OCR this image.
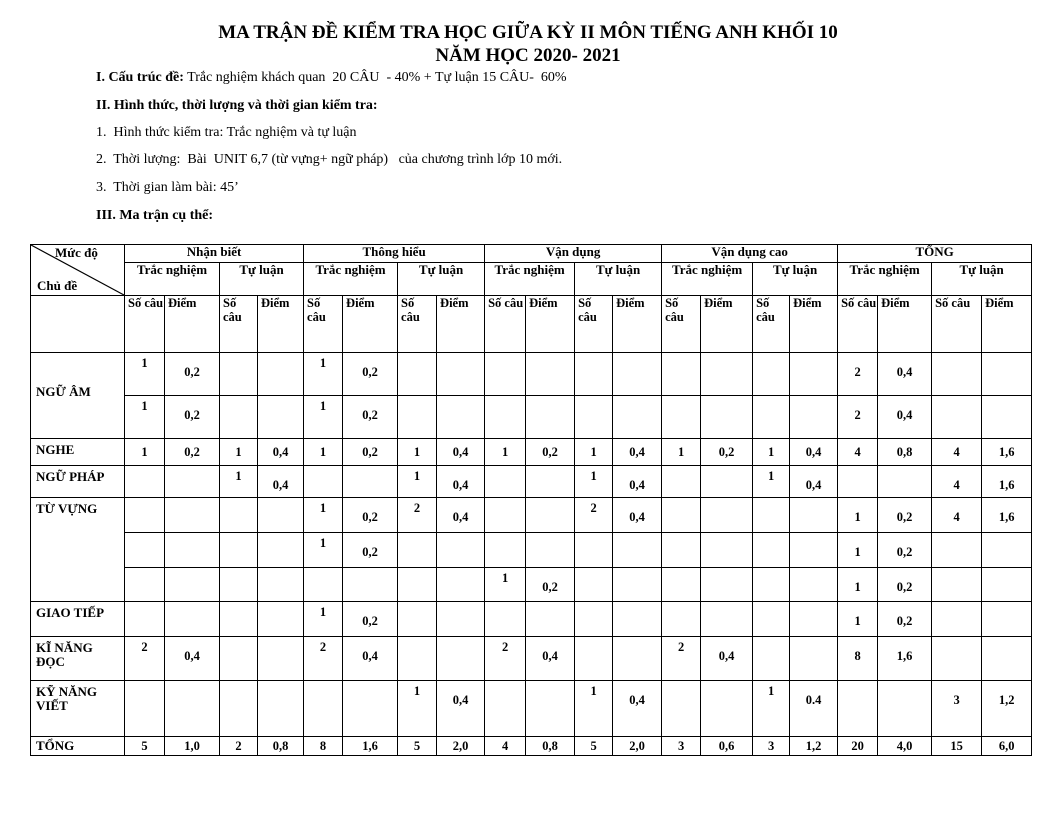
MA TRẬN ĐỀ KIỂM TRA HỌC GIỮA KỲ II MÔN TIẾNG ANH KHỐI 10
NĂM HỌC 2020- 2021
I. Cấu trúc đề: Trắc nghiệm khách quan  20 CÂU  - 40% + Tự luận 15 CÂU-  60%
II. Hình thức, thời lượng và thời gian kiểm tra:
1.  Hình thức kiểm tra: Trắc nghiệm và tự luận
2.  Thời lượng:  Bài  UNIT 6,7 (từ vựng+ ngữ pháp)   của chương trình lớp 10 mới.
3.  Thời gian làm bài: 45’
III. Ma trận cụ thể:
Mức độ
Chủ đề	Nhận biết				Thông hiểu				Vận dụng				Vận dụng cao				TỔNG			
	Trắc nghiệm		Tự luận		Trắc nghiệm		Tự luận		Trắc nghiệm		Tự luận		Trắc nghiệm		Tự luận		Trắc nghiệm		Tự luận	
	Số câu	Điểm	Số câu	Điểm	Số câu	Điểm	Số câu	Điểm	Số câu	Điểm	Số câu	Điểm	Số câu	Điểm	Số câu	Điểm	Số câu	Điểm	Số câu	Điểm
NGỮ ÂM	1	0,2			1	0,2											2	0,4		

	1	0,2			1	0,2											2	0,4		

NGHE	1	0,2	1	0,4	1	0,2	1	0,4	1	0,2	1	0,4	1	0,2	1	0,4	4	0,8	4	1,6

NGỮ PHÁP			1	0,4			1	0,4			1	0,4			1	0,4			4	1,6

TỪ VỰNG					1	0,2	2	0,4			2	0,4					1	0,2	4	1,6

					1	0,2											1	0,2		

									1	0,2							1	0,2		

GIAO TIẾP					1	0,2											1	0,2		

KĨ NĂNG ĐỌC	2	0,4			2	0,4			2	0,4			2	0,4			8	1,6		

KỸ NĂNG VIẾT							1	0,4			1	0,4			1	0.4			3	1,2

TỔNG	5	1,0	2	0,8	8	1,6	5	2,0	4	0,8	5	2,0	3	0,6	3	1,2	20	4,0	15	6,0
